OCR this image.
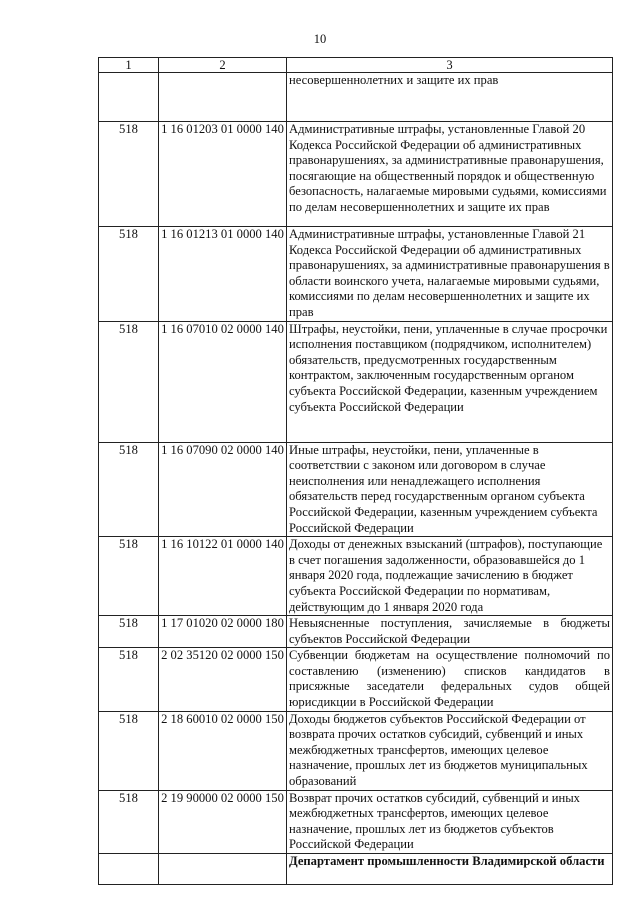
10
1	2	3
		несовершеннолетних и защите их прав
518	1 16 01203 01 0000 140	Административные штрафы, установленные Главой 20 Кодекса Российской Федерации об административных правонарушениях, за административные правонарушения, посягающие на общественный порядок и общественную безопасность, налагаемые мировыми судьями, комиссиями по делам несовершеннолетних и защите их прав
518	1 16 01213 01 0000 140	Административные штрафы, установленные Главой 21 Кодекса Российской Федерации об административных правонарушениях, за административные правонарушения в области воинского учета, налагаемые мировыми судьями, комиссиями по делам несовершеннолетних и защите их прав
518	1 16 07010 02 0000 140	Штрафы, неустойки, пени, уплаченные в случае просрочки исполнения поставщиком (подрядчиком, исполнителем) обязательств, предусмотренных государственным контрактом, заключенным государственным органом субъекта Российской Федерации, казенным учреждением субъекта Российской Федерации
518	1 16 07090 02 0000 140	Иные штрафы, неустойки, пени, уплаченные в соответствии с законом или договором в случае неисполнения или ненадлежащего исполнения обязательств перед государственным органом субъекта Российской Федерации, казенным учреждением субъекта Российской Федерации
518	1 16 10122 01 0000 140	Доходы от денежных взысканий (штрафов), поступающие в счет погашения задолженности, образовавшейся до 1 января 2020 года, подлежащие зачислению в бюджет субъекта Российской Федерации по нормативам, действующим до 1 января 2020 года
518	1 17 01020 02 0000 180	Невыясненные поступления, зачисляемые в бюджеты субъектов Российской Федерации
518	2 02 35120 02 0000 150	Субвенции бюджетам на осуществление полномочий по составлению (изменению) списков кандидатов в присяжные заседатели федеральных судов общей юрисдикции в Российской Федерации
518	2 18 60010 02 0000 150	Доходы бюджетов субъектов Российской Федерации от возврата прочих остатков субсидий, субвенций и иных межбюджетных трансфертов, имеющих целевое назначение, прошлых лет из бюджетов муниципальных образований
518	2 19 90000 02 0000 150	Возврат прочих остатков субсидий, субвенций и иных межбюджетных трансфертов, имеющих целевое назначение, прошлых лет из бюджетов субъектов Российской Федерации
		Департамент промышленности Владимирской области
